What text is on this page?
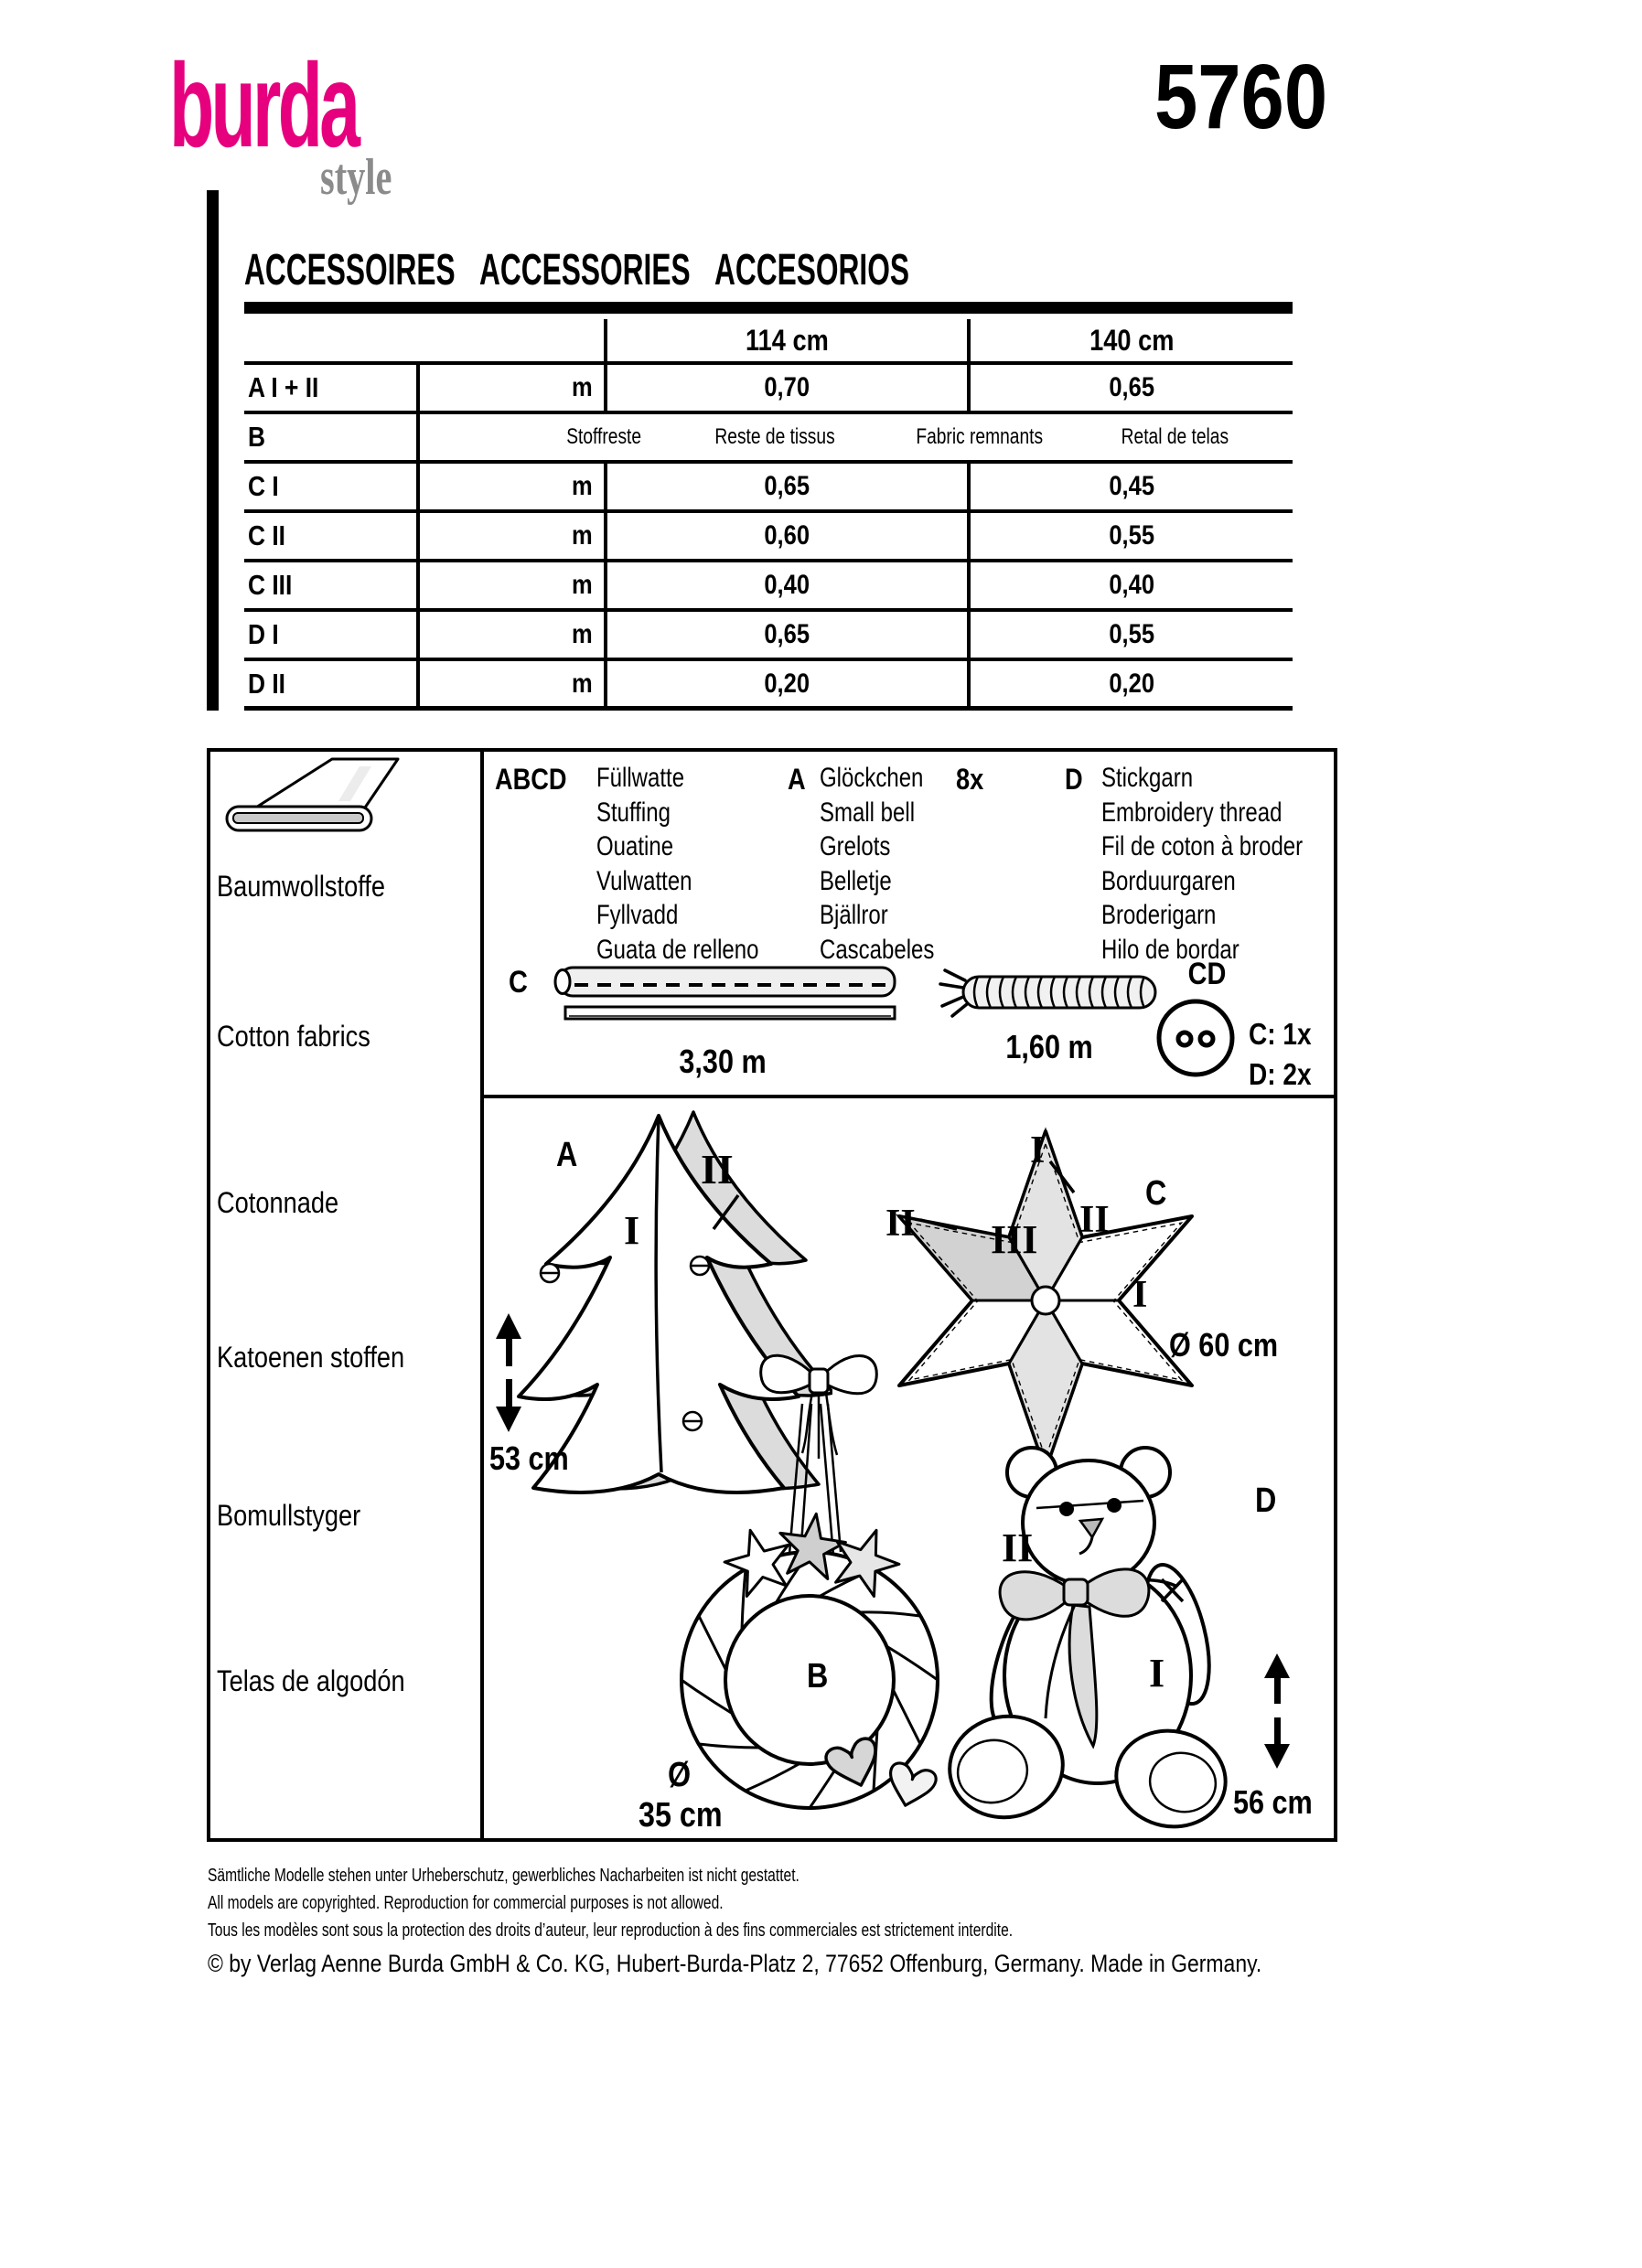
burda
style
5760
ACCESSOIRES ACCESSORIES ACCESORIOS
114 cm	140 cm
A I + II	m	0,70	0,65
B	Stoffreste	Reste de tissus	Fabric remnants	Retal de telas
C I	m	0,65	0,45
C II	m	0,60	0,55
C III	m	0,40	0,40
D I	m	0,65	0,55
D II	m	0,20	0,20
Baumwollstoffe
Cotton fabrics
Cotonnade
Katoenen stoffen
Bomullstyger
Telas de algodón
ABCD	Füllwatte
Stuffing
Ouatine
Vulwatten
Fyllvadd
Guata de relleno
A	8x
Glöckchen
Small bell
Grelots
Belletje
Bjällror
Cascabeles
D Stickgarn
Embroidery thread
Fil de coton à broder
Borduurgaren
Broderigarn
Hilo de bordar
C
3,30 m	1,60 m
CD
C: 1x
D: 2x
A
I
II
53 cm
I
II III II
I
C
Ø 60 cm
B
Ø
35 cm
D
II
I
56 cm
Sämtliche Modelle stehen unter Urheberschutz, gewerbliches Nacharbeiten ist nicht gestattet.
All models are copyrighted. Reproduction for commercial purposes is not allowed.
Tous les modèles sont sous la protection des droits d’auteur, leur reproduction à des fins commerciales est strictement interdite.
© by Verlag Aenne Burda GmbH & Co. KG, Hubert-Burda-Platz 2, 77652 Offenburg, Germany. Made in Germany.
